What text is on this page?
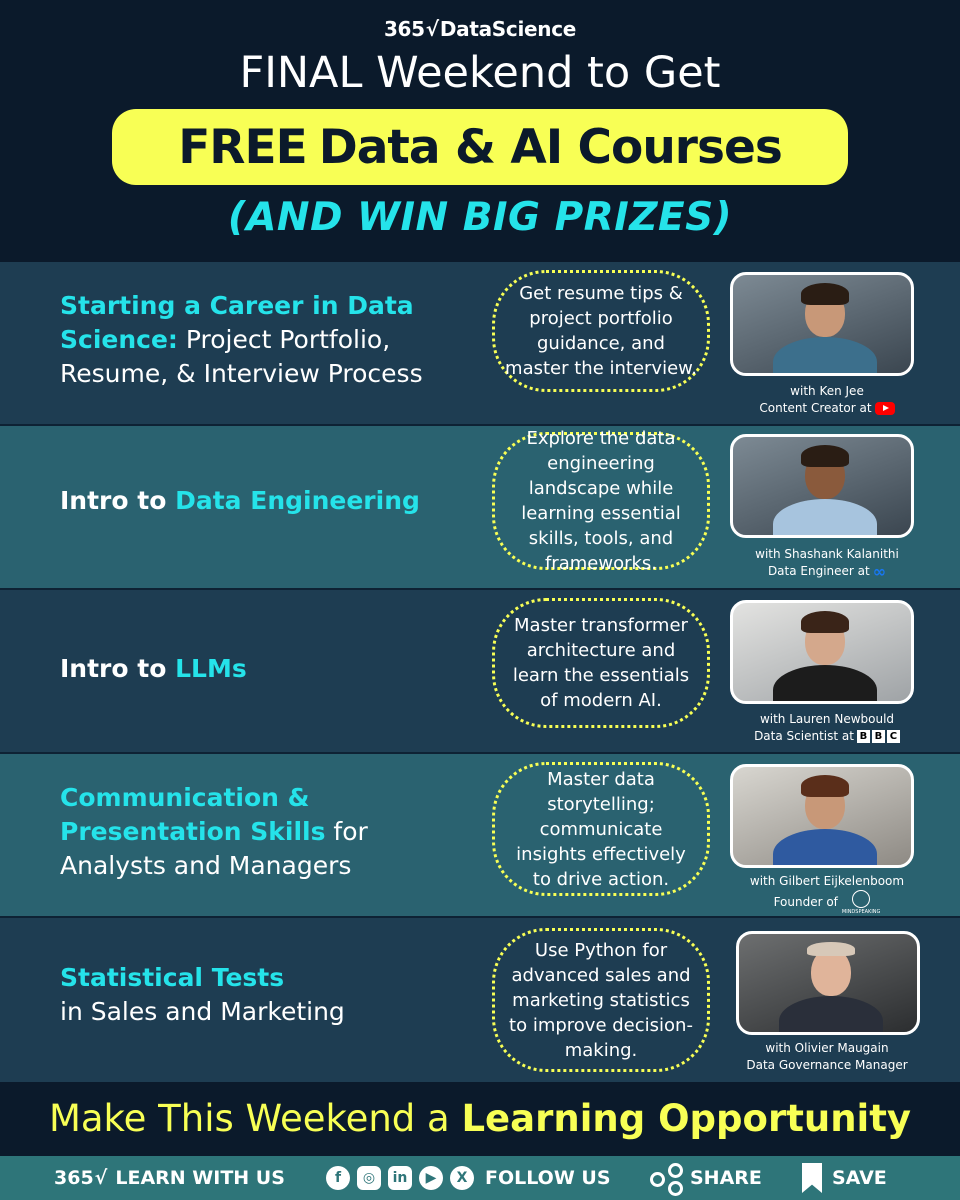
365√DataScience
FINAL Weekend to Get
FREE Data & AI Courses
(AND WIN BIG PRIZES)
Starting a Career in Data Science: Project Portfolio, Resume, & Interview Process
Get resume tips & project portfolio guidance, and master the interview.
with Ken Jee
Content Creator at
Intro to Data Engineering
Explore the data engineering landscape while learning essential skills, tools, and frameworks.	with Shashank Kalanithi
Data Engineer at ∞
Intro to LLMs
Master transformer architecture and learn the essentials of modern AI.
with Lauren Newbould
Data Scientist at B B C
Communication & Presentation Skills for Analysts and Managers
Master data storytelling; communicate insights effectively to drive action.	with Gilbert Eijkelenboom
Founder of
MINDSPEAKING
Statistical Tests
in Sales and Marketing
Use Python for advanced sales and marketing statistics to improve decision-making.	with Olivier Maugain
Data Governance Manager
Make This Weekend a Learning Opportunity
365 √ LEARN WITH US	f	◎	in	▶	X FOLLOW US	SHARE	SAVE
